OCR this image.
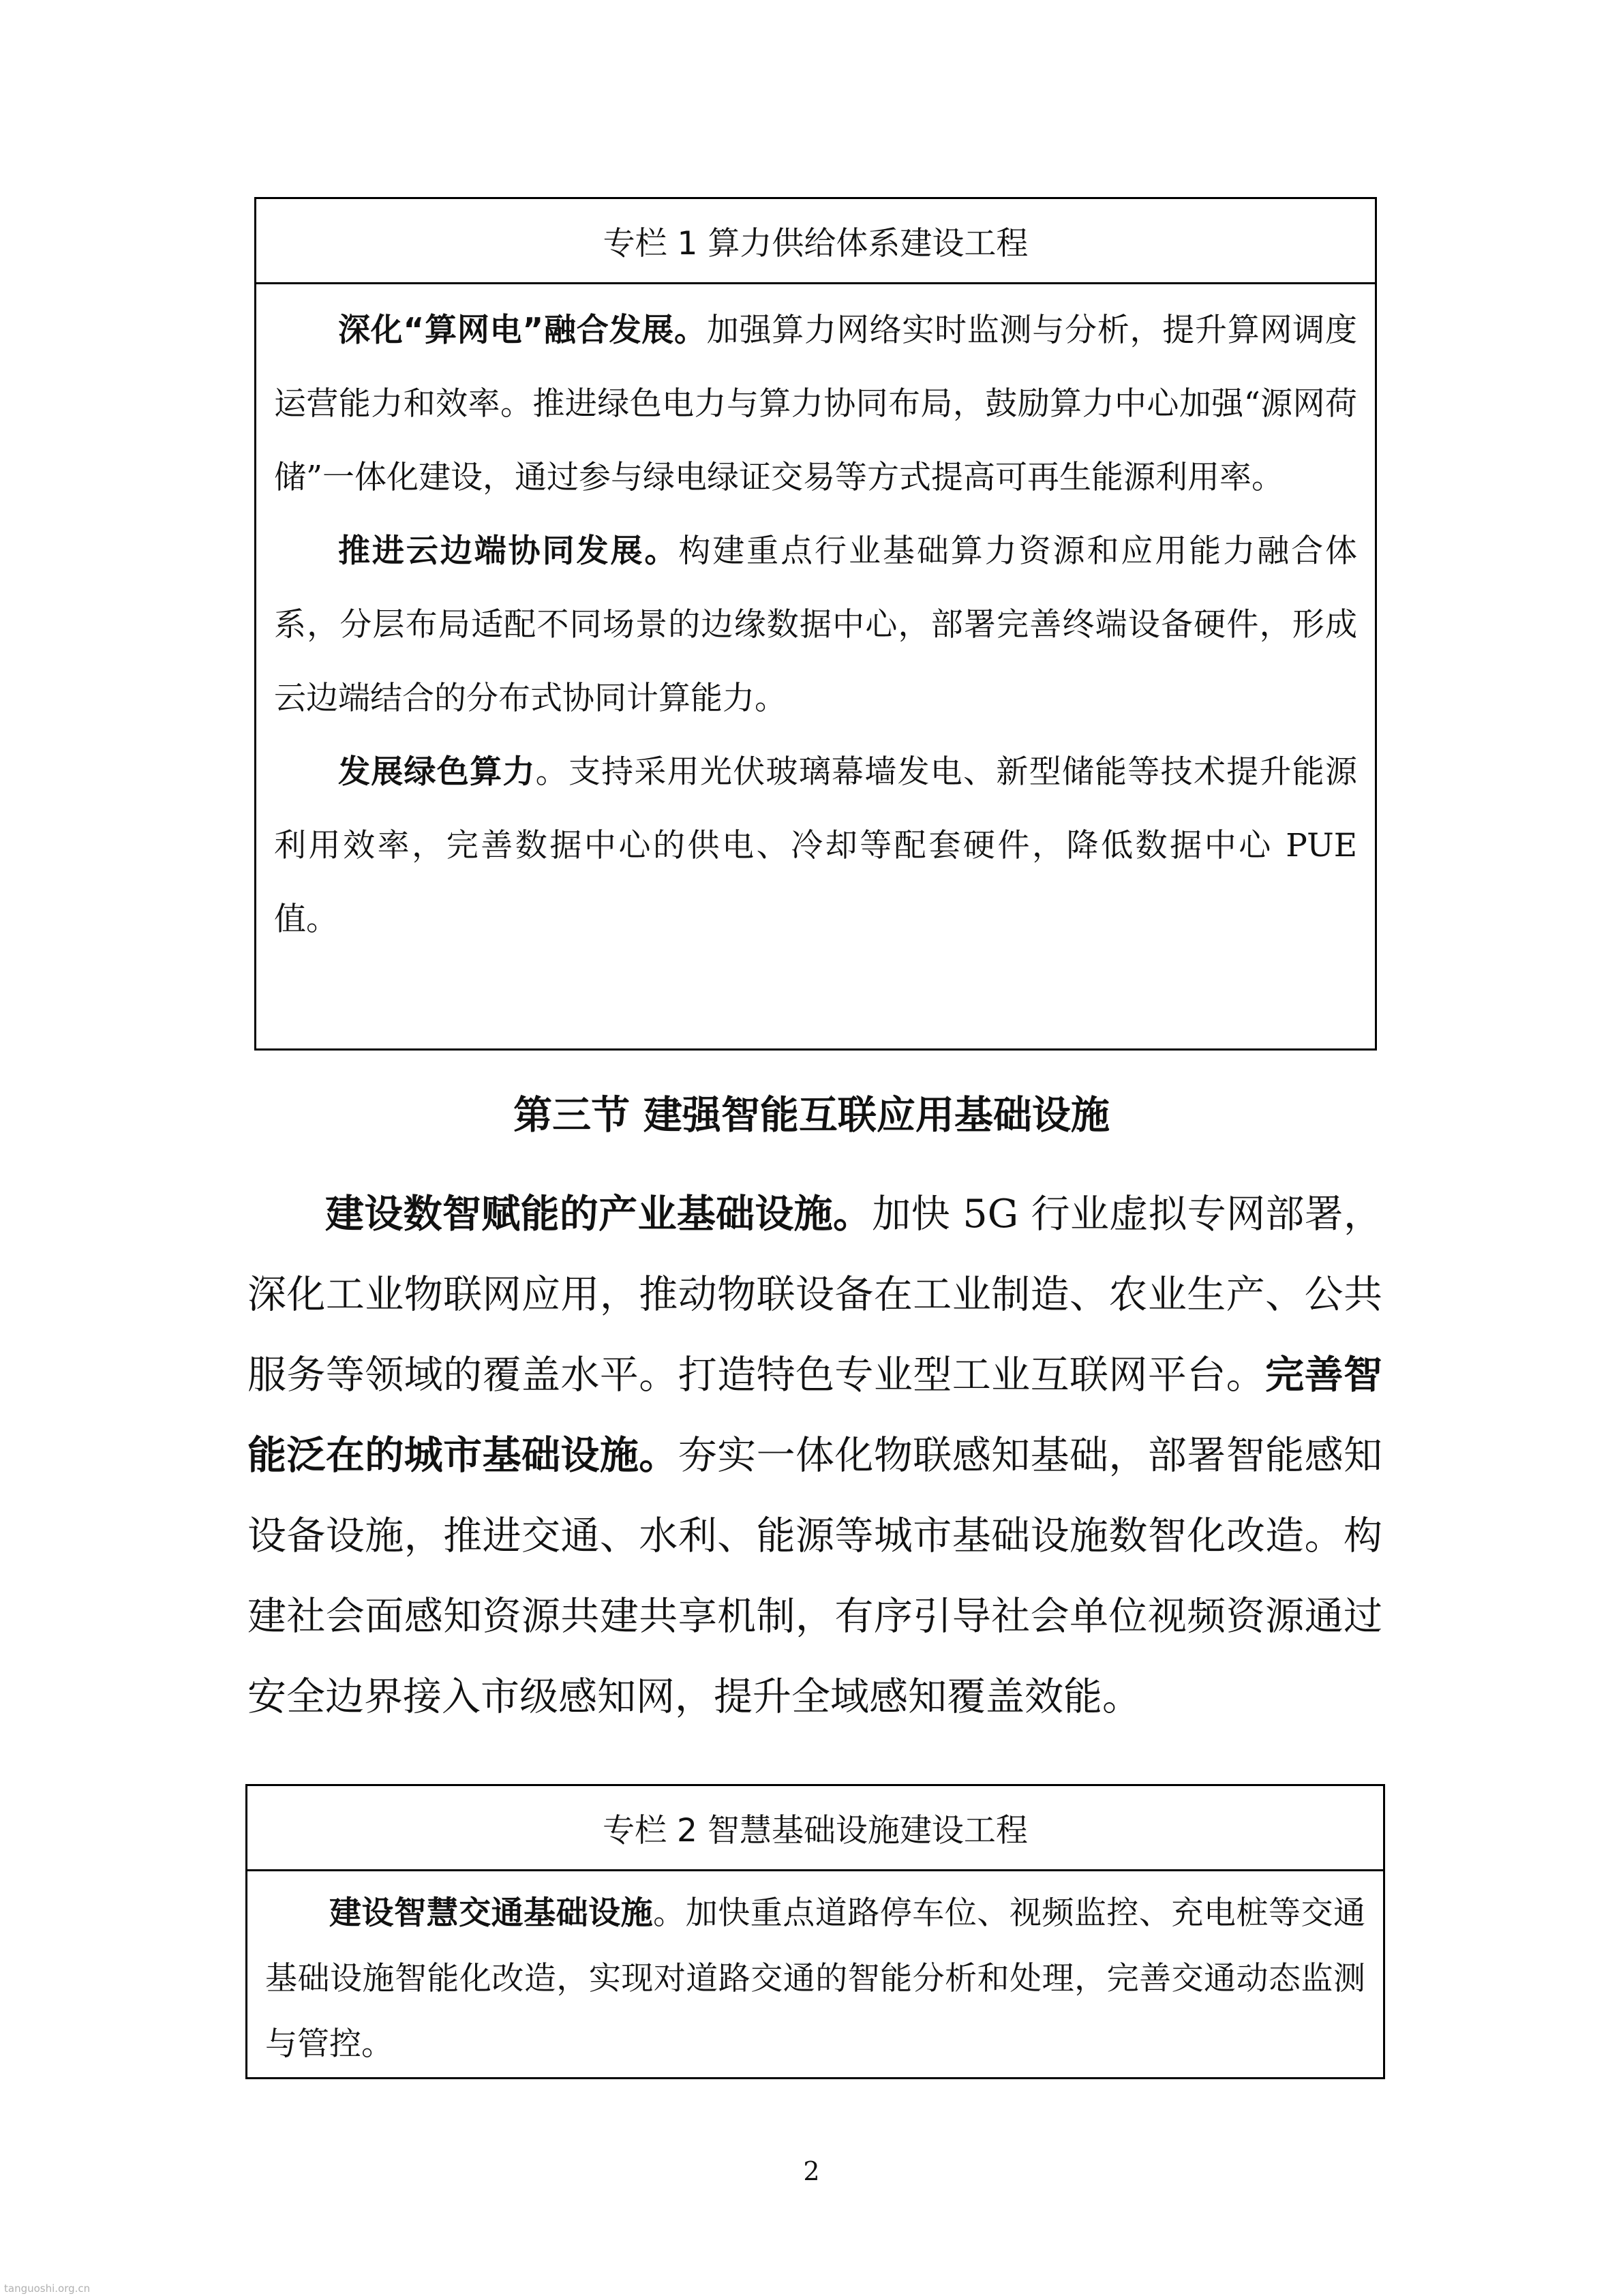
专栏 1 算力供给体系建设工程

深化“算网电”融合发展。加强算力网络实时监测与分析，提升算网调度运营能力和效率。推进绿色电力与算力协同布局，鼓励算力中心加强“源网荷储”一体化建设，通过参与绿电绿证交易等方式提高可再生能源利用率。

推进云边端协同发展。构建重点行业基础算力资源和应用能力融合体系，分层布局适配不同场景的边缘数据中心，部署完善终端设备硬件，形成云边端结合的分布式协同计算能力。

发展绿色算力。支持采用光伏玻璃幕墙发电、新型储能等技术提升能源利用效率，完善数据中心的供电、冷却等配套硬件，降低数据中心 PUE 值。

第三节 建强智能互联应用基础设施

建设数智赋能的产业基础设施。加快 5G 行业虚拟专网部署，深化工业物联网应用，推动物联设备在工业制造、农业生产、公共服务等领域的覆盖水平。打造特色专业型工业互联网平台。完善智能泛在的城市基础设施。夯实一体化物联感知基础，部署智能感知设备设施，推进交通、水利、能源等城市基础设施数智化改造。构建社会面感知资源共建共享机制，有序引导社会单位视频资源通过安全边界接入市级感知网，提升全域感知覆盖效能。

专栏 2 智慧基础设施建设工程

建设智慧交通基础设施。加快重点道路停车位、视频监控、充电桩等交通基础设施智能化改造，实现对道路交通的智能分析和处理，完善交通动态监测与管控。

2
tanguoshi.org.cn
